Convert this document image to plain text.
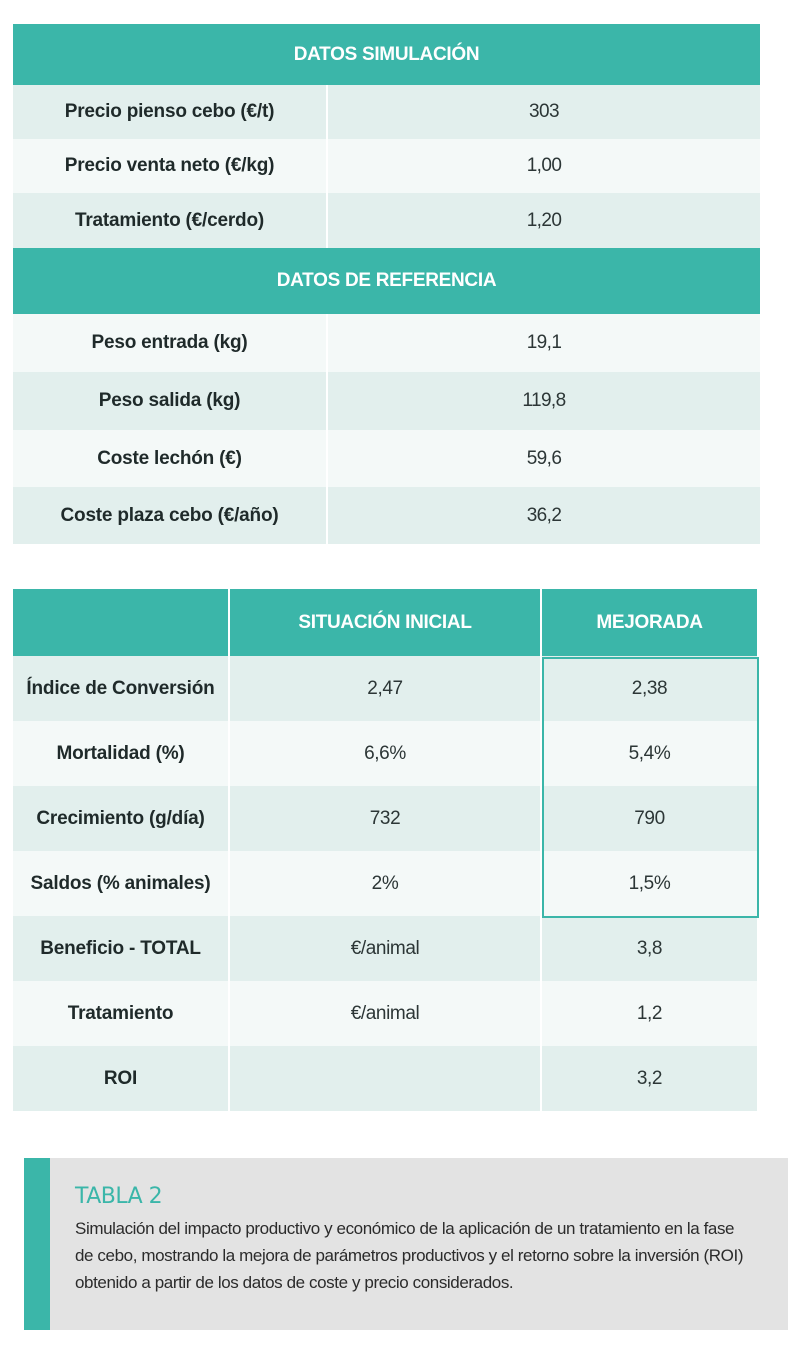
DATOS SIMULACIÓN	
Precio pienso cebo (€/t)	303
Precio venta neto (€/kg)	1,00
Tratamiento (€/cerdo)	1,20
DATOS DE REFERENCIA	
Peso entrada (kg)	19,1
Peso salida (kg)	119,8
Coste lechón (€)	59,6
Coste plaza cebo (€/año)	36,2
	SITUACIÓN INICIAL	MEJORADA
Índice de Conversión	2,47	2,38
Mortalidad (%)	6,6%	5,4%
Crecimiento (g/día)	732	790
Saldos (% animales)	2%	1,5%
Beneficio - TOTAL	€/animal	3,8
Tratamiento	€/animal	1,2
ROI		3,2
TABLA 2
Simulación del impacto productivo y económico de la aplicación de un tratamiento en la fase de cebo, mostrando la mejora de parámetros productivos y el retorno sobre la inversión (ROI) obtenido a partir de los datos de coste y precio considerados.
